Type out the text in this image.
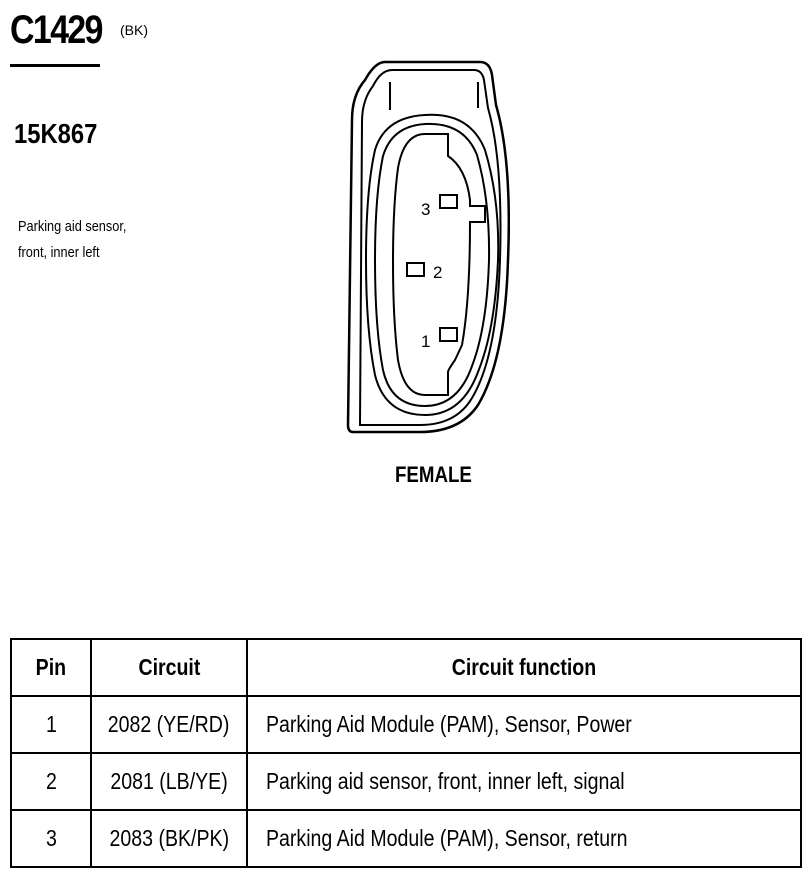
C1429 (BK)
15K867
Parking aid sensor,
front, inner left
3
2
1
FEMALE
Pin	Circuit	Circuit function
1	2082 (YE/RD)	Parking Aid Module (PAM), Sensor, Power
2	2081 (LB/YE)	Parking aid sensor, front, inner left, signal
3	2083 (BK/PK)	Parking Aid Module (PAM), Sensor, return
